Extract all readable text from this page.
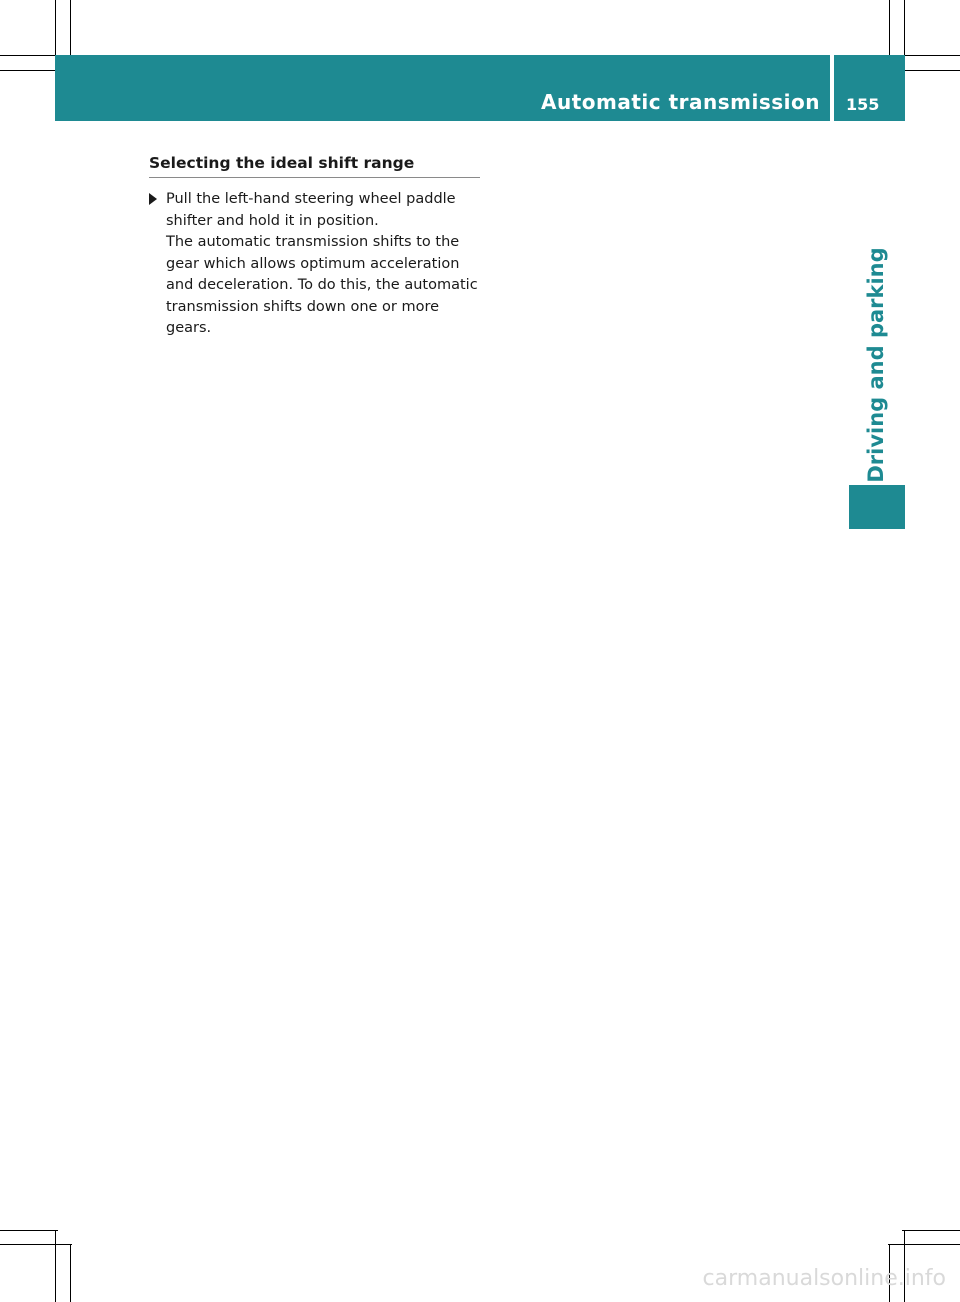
Automatic transmission 155
Driving and parking
Selecting the ideal shift range

Pull the left-hand steering wheel paddle shifter and hold it in position.

The automatic transmission shifts to the gear which allows optimum acceleration and deceleration. To do this, the automatic transmission shifts down one or more gears.

carmanualsonline.info
